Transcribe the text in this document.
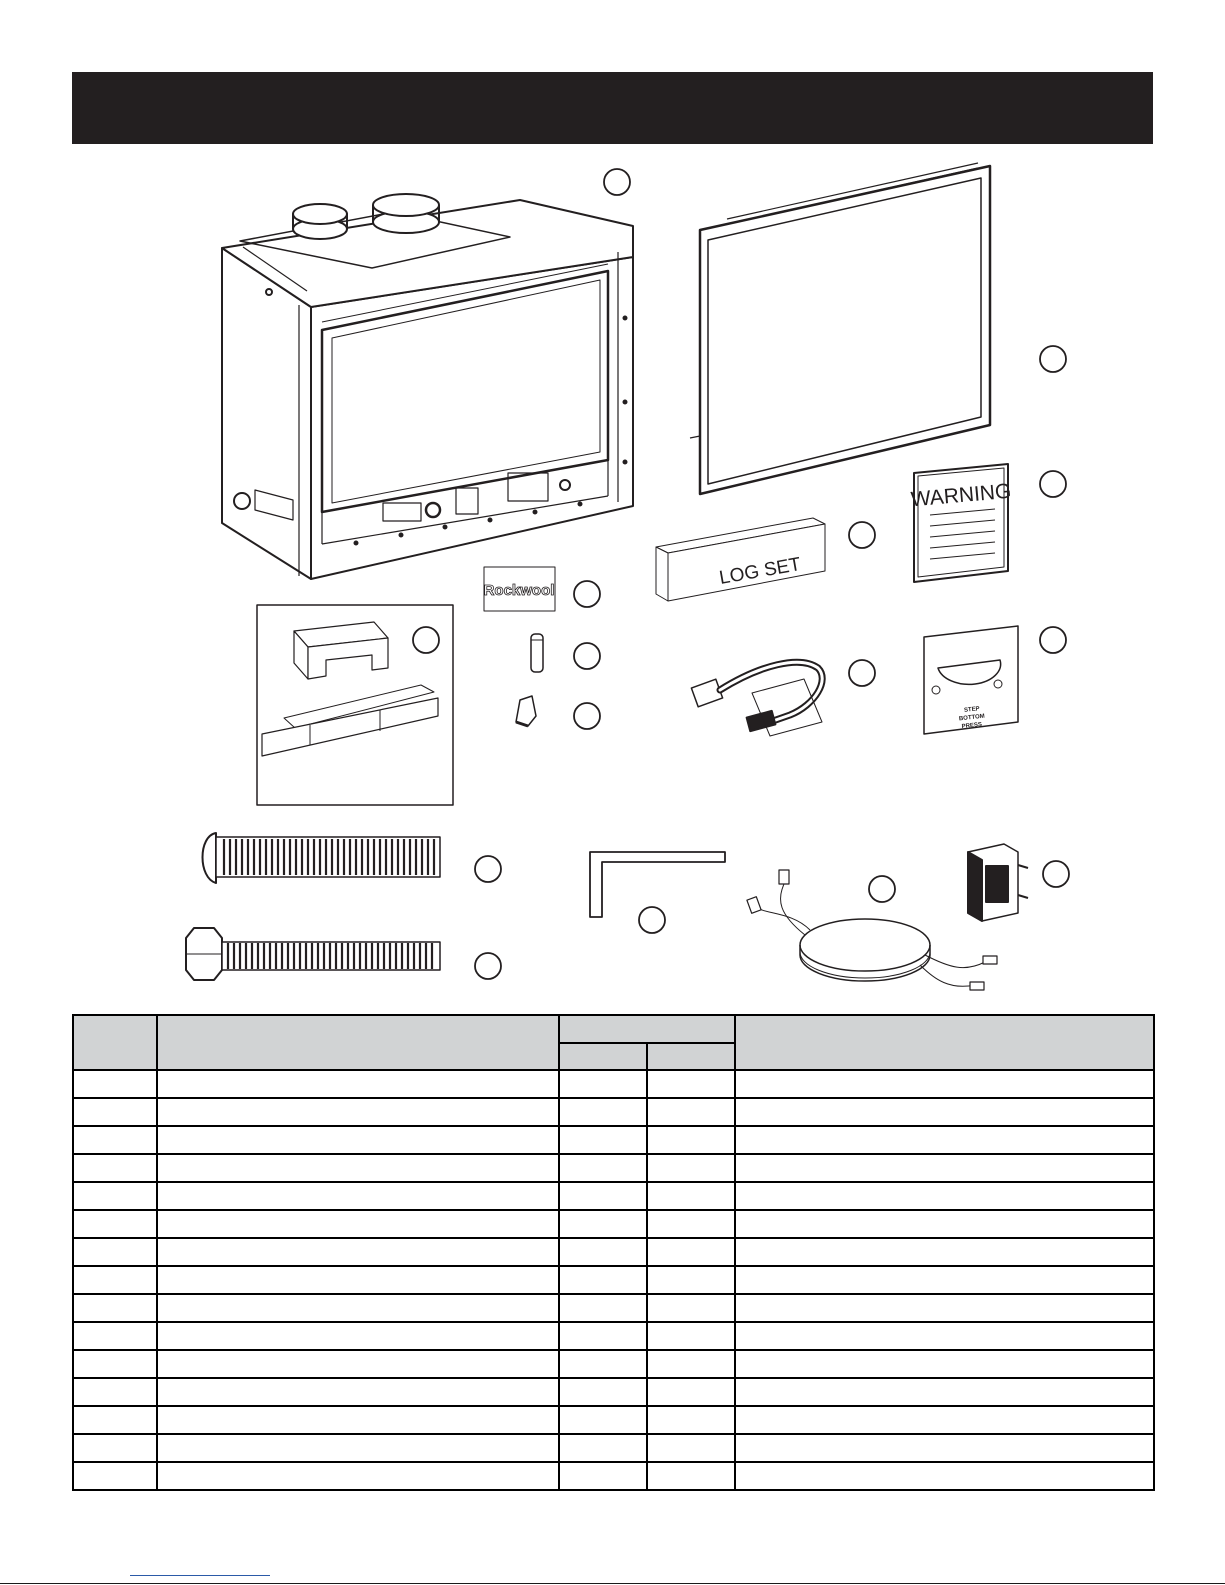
Rockwool
LOG SET
WARNING
STEP
BOTTOM
PRESS
